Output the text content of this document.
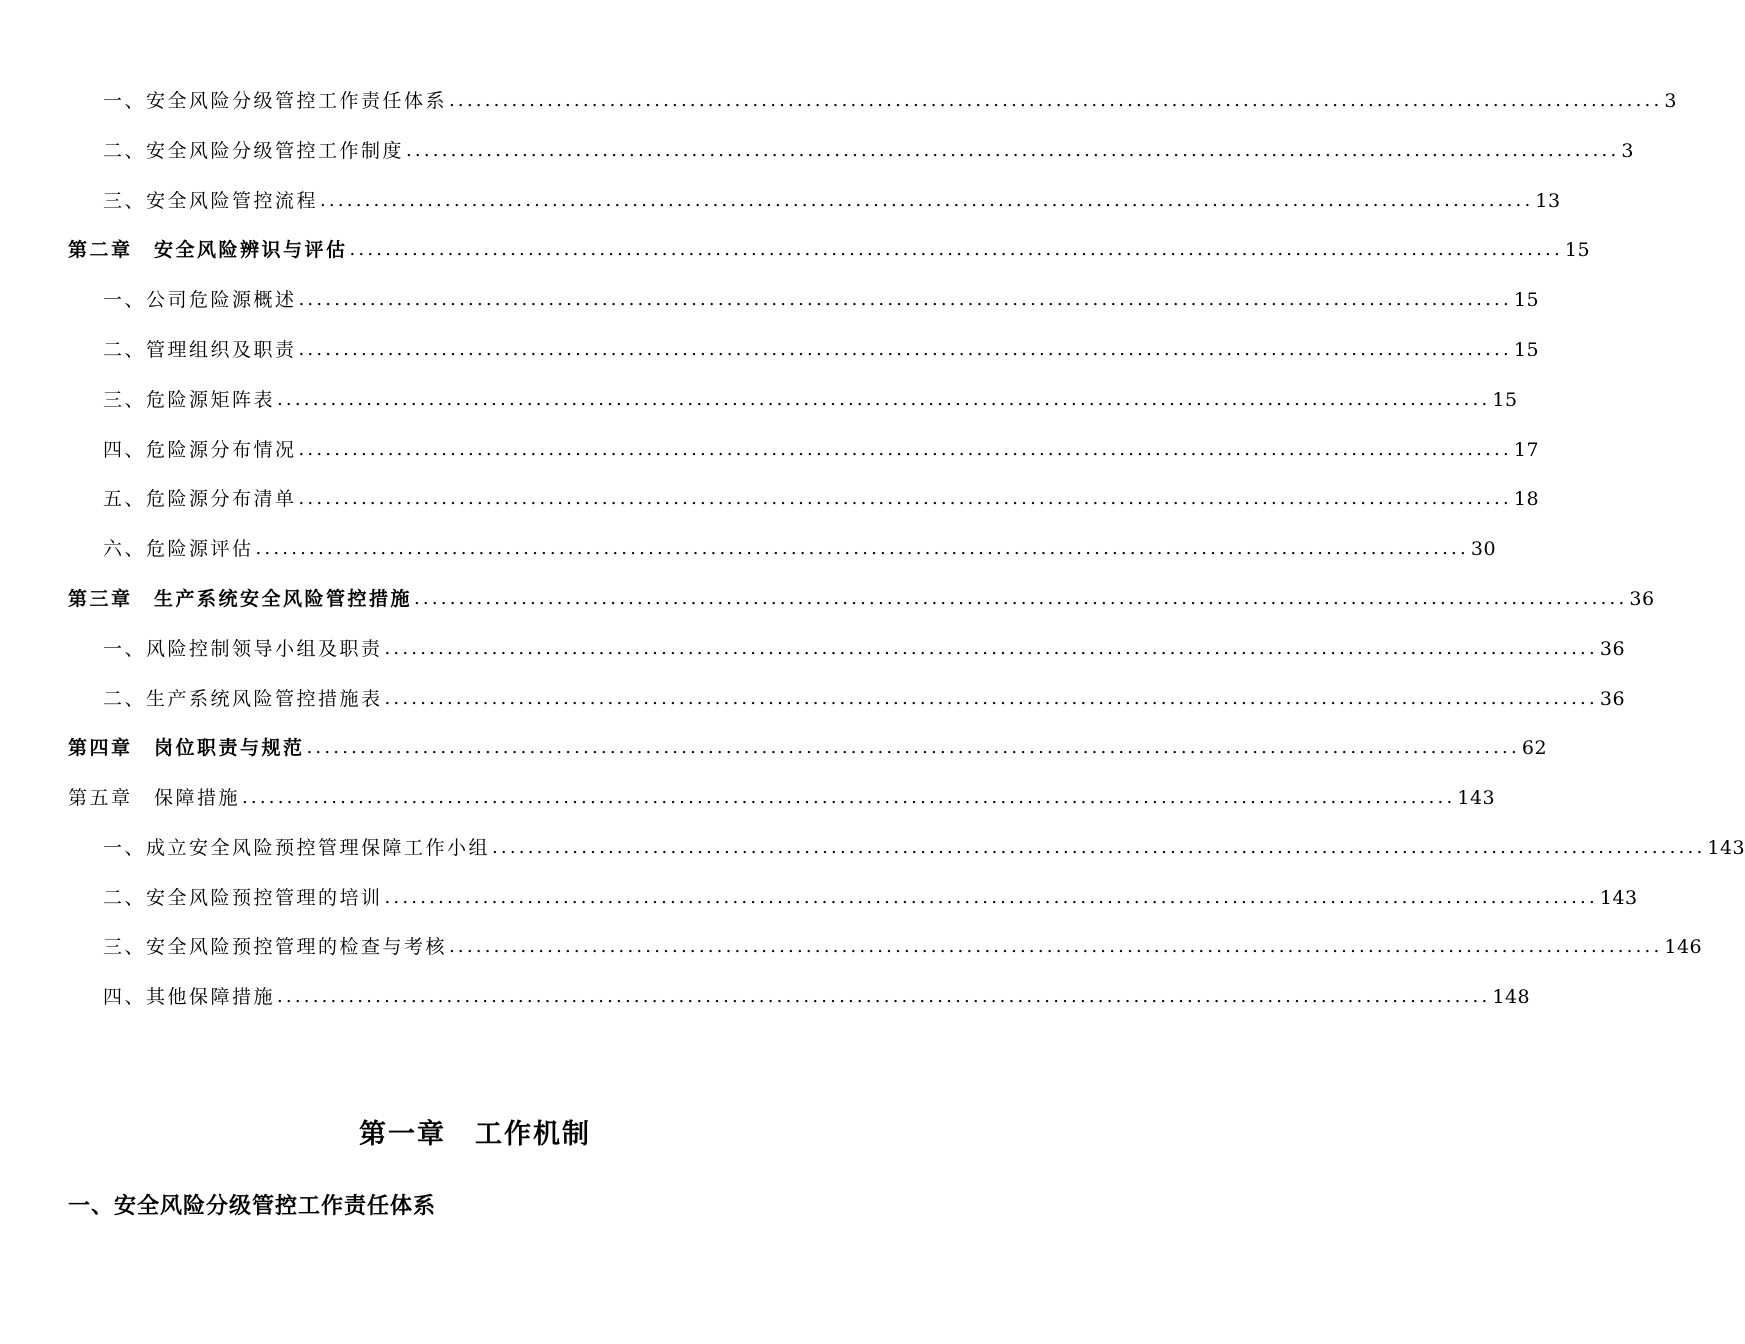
一、安全风险分级管控工作责任体系 ........................................................................................................................................ 3
二、安全风险分级管控工作制度 ........................................................................................................................................ 3
三、安全风险管控流程 ........................................................................................................................................ 13
第二章　安全风险辨识与评估 ........................................................................................................................................ 15
一、公司危险源概述 ........................................................................................................................................ 15
二、管理组织及职责 ........................................................................................................................................ 15
三、危险源矩阵表 ........................................................................................................................................ 15
四、危险源分布情况 ........................................................................................................................................ 17
五、危险源分布清单 ........................................................................................................................................ 18
六、危险源评估 ........................................................................................................................................ 30
第三章　生产系统安全风险管控措施 ........................................................................................................................................ 36
一、风险控制领导小组及职责 ........................................................................................................................................ 36
二、生产系统风险管控措施表 ........................................................................................................................................ 36
第四章　岗位职责与规范 ........................................................................................................................................ 62
第五章　保障措施 ........................................................................................................................................ 143
一、成立安全风险预控管理保障工作小组 ........................................................................................................................................ 143
二、安全风险预控管理的培训 ........................................................................................................................................ 143
三、安全风险预控管理的检查与考核 ........................................................................................................................................ 146
四、其他保障措施 ........................................................................................................................................ 148
第一章　工作机制
一、安全风险分级管控工作责任体系
